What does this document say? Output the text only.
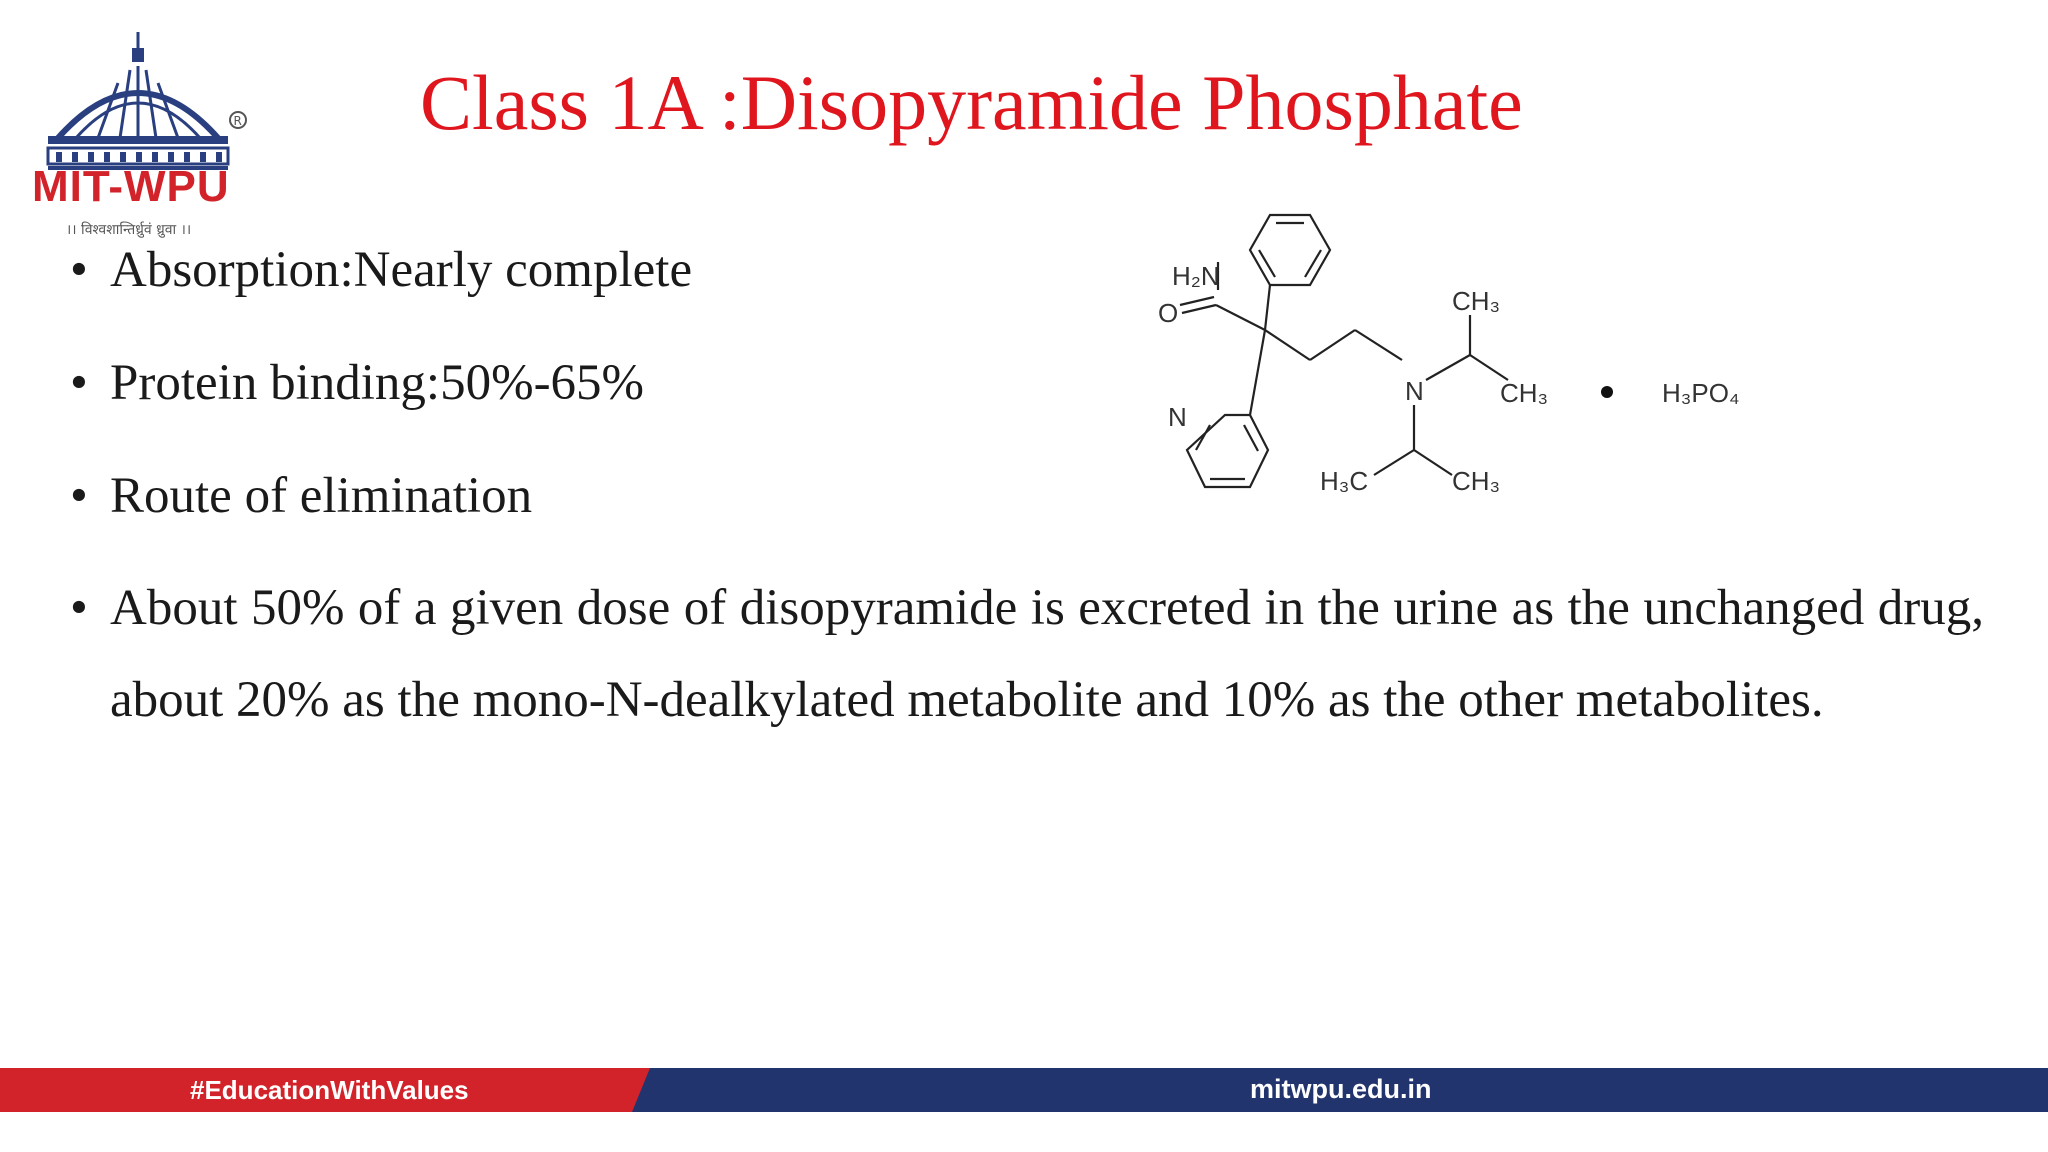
R
MIT-WPU
।। विश्वशान्तिर्ध्रुवं ध्रुवा ।।
Class 1A :Disopyramide Phosphate
• Absorption:Nearly complete
• Protein binding:50%-65%
• Route of elimination
• About 50% of a given dose of disopyramide is excreted in the urine as the unchanged drug, about 20% as the mono-N-dealkylated metabolite and 10% as the other metabolites.
H₂N
O
N
N
CH₃
CH₃
H₃C	CH₃
H₃PO₄
#EducationWithValues	mitwpu.edu.in
